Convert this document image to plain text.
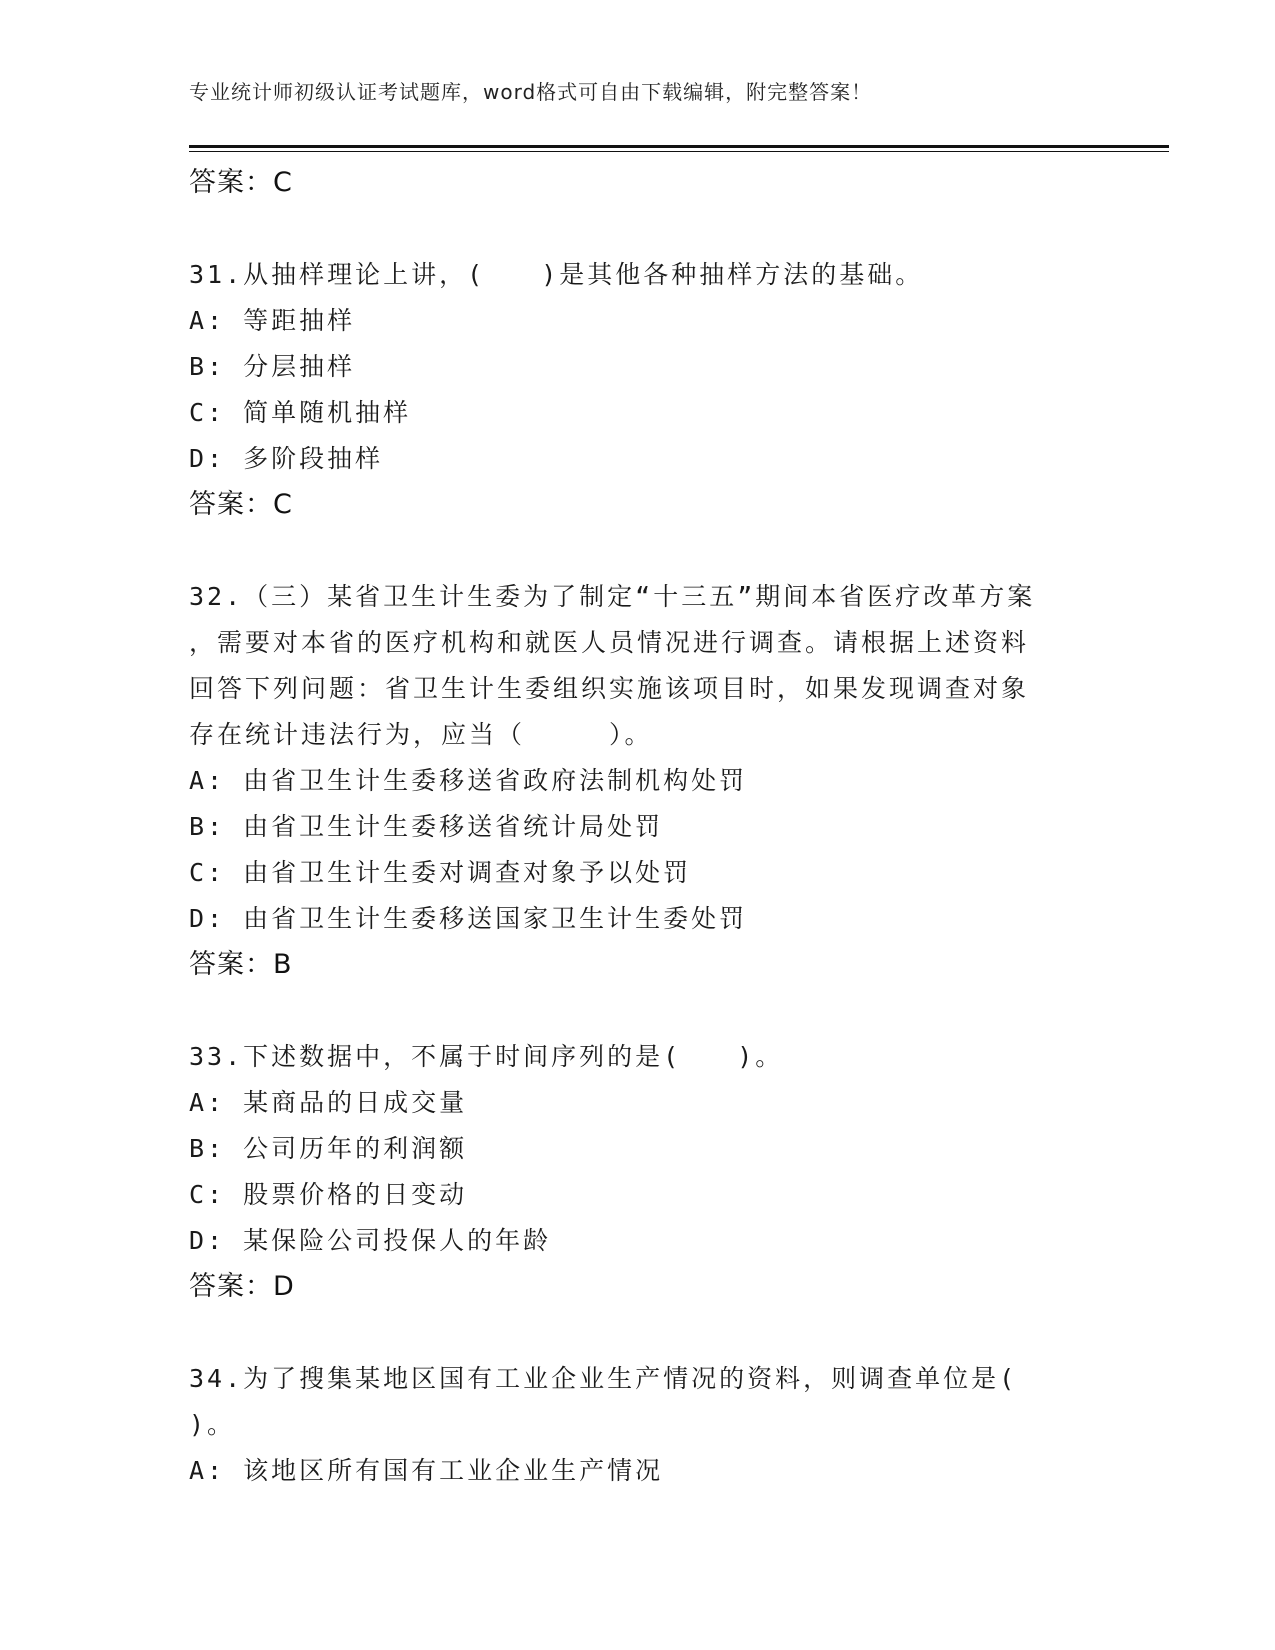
专业统计师初级认证考试题库，word格式可自由下载编辑，附完整答案！
答案：C
31.从抽样理论上讲，(　　)是其他各种抽样方法的基础。
A: 等距抽样
B: 分层抽样
C: 简单随机抽样
D: 多阶段抽样
答案：C
32.（三）某省卫生计生委为了制定“十三五”期间本省医疗改革方案
，需要对本省的医疗机构和就医人员情况进行调查。请根据上述资料
回答下列问题：省卫生计生委组织实施该项目时，如果发现调查对象
存在统计违法行为，应当（　　　）。
A: 由省卫生计生委移送省政府法制机构处罚
B: 由省卫生计生委移送省统计局处罚
C: 由省卫生计生委对调查对象予以处罚
D: 由省卫生计生委移送国家卫生计生委处罚
答案：B
33.下述数据中，不属于时间序列的是(　　)。
A: 某商品的日成交量
B: 公司历年的利润额
C: 股票价格的日变动
D: 某保险公司投保人的年龄
答案：D
34.为了搜集某地区国有工业企业生产情况的资料，则调查单位是(
)。
A: 该地区所有国有工业企业生产情况
